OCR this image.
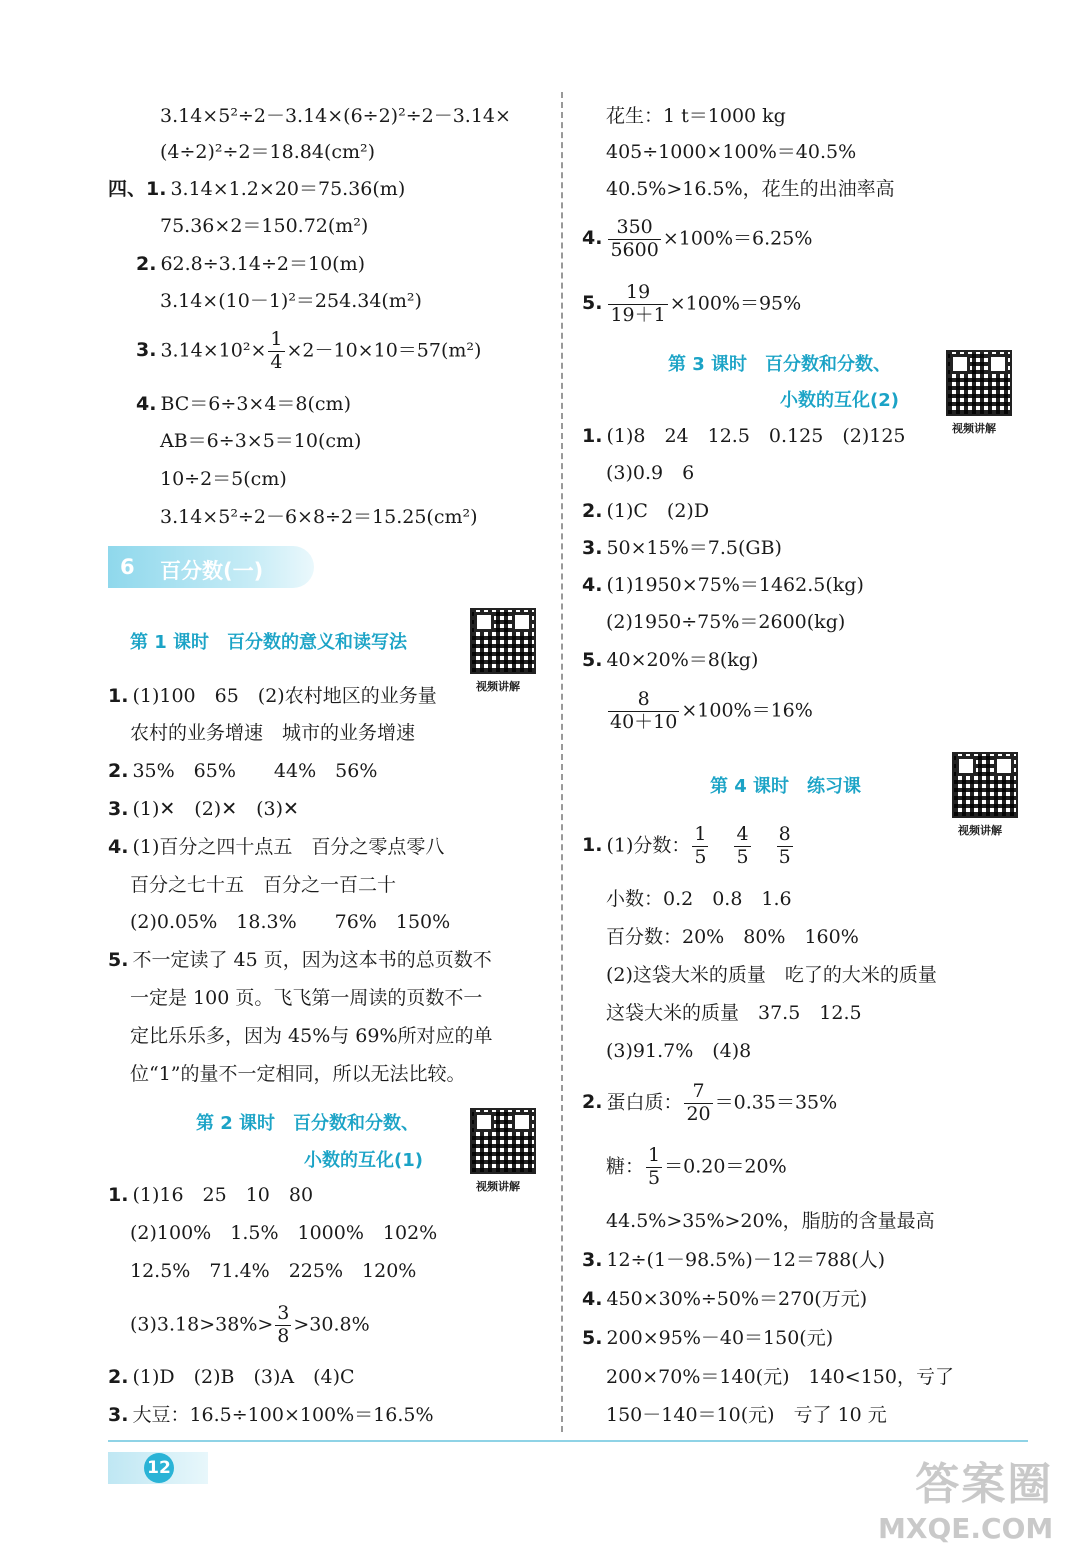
3.14×5²÷2－3.14×(6÷2)²÷2－3.14×
(4÷2)²÷2＝18.84(cm²)
四、1. 3.14×1.2×20＝75.36(m)
75.36×2＝150.72(m²)
2. 62.8÷3.14÷2＝10(m)
3.14×(10－1)²＝254.34(m²)
3. $3.14\times 10^2\times \frac{1}{4} \times 2-10\times 10=57(m^2)$
4. BC＝6÷3×4＝8(cm)
AB＝6÷3×5＝10(cm)
10÷2＝5(cm)
3.14×5²÷2－6×8÷2＝15.25(cm²)
6 百分数(一)
第 1 课时　百分数的意义和读写法
视频讲解
1. (1)100　65　(2)农村地区的业务量
农村的业务增速　城市的业务增速
2. 35%　65%　　44%　56%
3. (1)✕　(2)✕　(3)✕
4. (1)百分之四十点五　百分之零点零八
百分之七十五　百分之一百二十
(2)0.05%　18.3%　　76%　150%
5. 不一定读了 45 页，因为这本书的总页数不
一定是 100 页。飞飞第一周读的页数不一
定比乐乐多，因为 45%与 69%所对应的单
位“1”的量不一定相同，所以无法比较。
第 2 课时　百分数和分数、
小数的互化(1)
视频讲解
1. (1)16　25　10　80
(2)100%　1.5%　1000%　102%
12.5%　71.4%　225%　120%
$(3)3.18>38\%> \frac{3}{8} >30.8\%$
2. (1)D　(2)B　(3)A　(4)C
3. 大豆：16.5÷100×100%＝16.5%
花生：1 t＝1000 kg
405÷1000×100%＝40.5%
40.5%>16.5%，花生的出油率高
4. $\frac{350}{5600} \times 100\%=6.25\%$
5. $\frac{19}{19+1} \times 100\%=95\%$
第 3 课时　百分数和分数、
小数的互化(2)
视频讲解
1. (1)8　24　12.5　0.125　(2)125
(3)0.9　6
2. (1)C　(2)D
3. 50×15%＝7.5(GB)
4. (1)1950×75%＝1462.5(kg)
(2)1950÷75%＝2600(kg)
5. 40×20%＝8(kg)
$\frac{8}{40+10} \times 100\%=16\%$
第 4 课时　练习课
视频讲解
1. (1)分数： $\frac{1}{5} \frac{4}{5} \frac{8}{5}$
小数：0.2　0.8　1.6
百分数：20%　80%　160%
(2)这袋大米的质量　吃了的大米的质量
这袋大米的质量　37.5　12.5
(3)91.7%　(4)8
2. 蛋白质： $\frac{7}{20} =0.35=35\%$
糖： $\frac{1}{5} =0.20=20\%$
44.5%>35%>20%，脂肪的含量最高
3. 12÷(1－98.5%)－12＝788(人)
4. 450×30%÷50%＝270(万元)
5. 200×95%－40＝150(元)
200×70%＝140(元)　140<150，亏了
150－140＝10(元)　亏了 10 元
12	答案圈
MXQE.COM
